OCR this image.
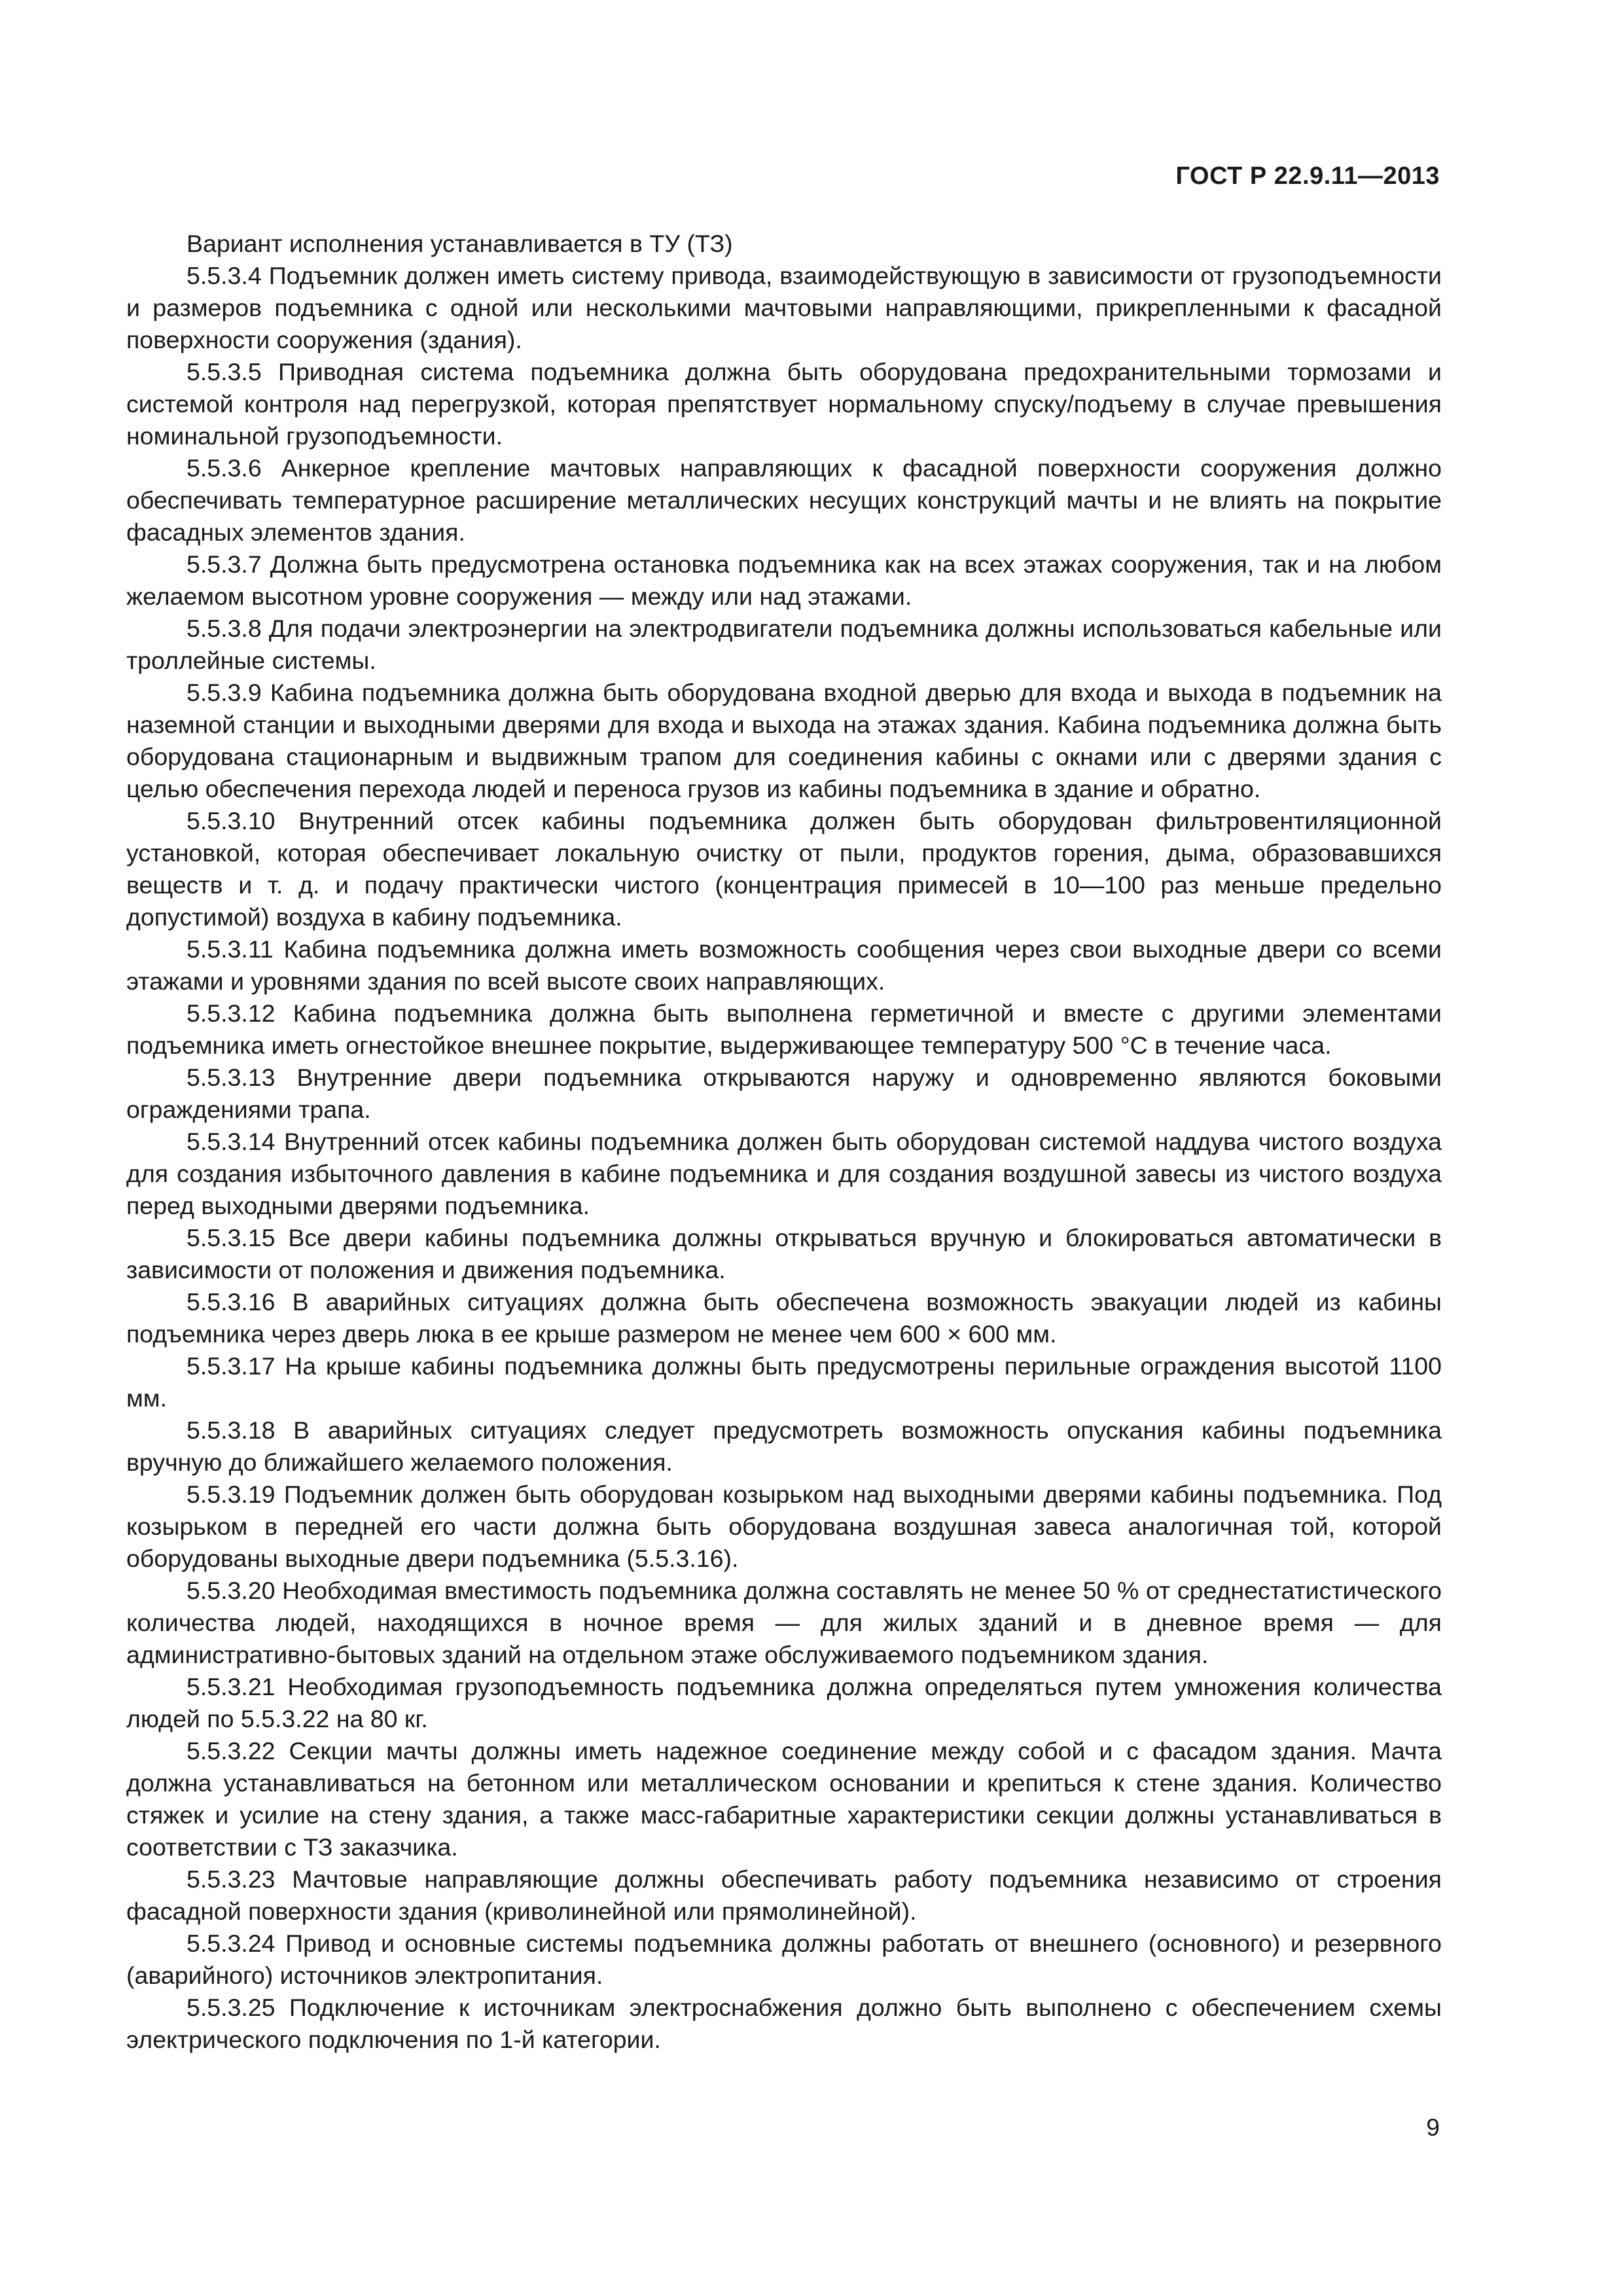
ГОСТ Р 22.9.11—2013

Вариант исполнения устанавливается в ТУ (ТЗ)

5.5.3.4 Подъемник должен иметь систему привода, взаимодействующую в зависимости от грузоподъемности и размеров подъемника с одной или несколькими мачтовыми направляющими, прикрепленными к фасадной поверхности сооружения (здания).

5.5.3.5 Приводная система подъемника должна быть оборудована предохранительными тормозами и системой контроля над перегрузкой, которая препятствует нормальному спуску/подъему в случае превышения номинальной грузоподъемности.

5.5.3.6 Анкерное крепление мачтовых направляющих к фасадной поверхности сооружения должно обеспечивать температурное расширение металлических несущих конструкций мачты и не влиять на покрытие фасадных элементов здания.

5.5.3.7 Должна быть предусмотрена остановка подъемника как на всех этажах сооружения, так и на любом желаемом высотном уровне сооружения — между или над этажами.

5.5.3.8 Для подачи электроэнергии на электродвигатели подъемника должны использоваться кабельные или троллейные системы.

5.5.3.9 Кабина подъемника должна быть оборудована входной дверью для входа и выхода в подъемник на наземной станции и выходными дверями для входа и выхода на этажах здания. Кабина подъемника должна быть оборудована стационарным и выдвижным трапом для соединения кабины с окнами или с дверями здания с целью обеспечения перехода людей и переноса грузов из кабины подъемника в здание и обратно.

5.5.3.10 Внутренний отсек кабины подъемника должен быть оборудован фильтровентиляционной установкой, которая обеспечивает локальную очистку от пыли, продуктов горения, дыма, образовавшихся веществ и т. д. и подачу практически чистого (концентрация примесей в 10—100 раз меньше предельно допустимой) воздуха в кабину подъемника.

5.5.3.11 Кабина подъемника должна иметь возможность сообщения через свои выходные двери со всеми этажами и уровнями здания по всей высоте своих направляющих.

5.5.3.12 Кабина подъемника должна быть выполнена герметичной и вместе с другими элементами подъемника иметь огнестойкое внешнее покрытие, выдерживающее температуру 500 °С в течение часа.

5.5.3.13 Внутренние двери подъемника открываются наружу и одновременно являются боковыми ограждениями трапа.

5.5.3.14 Внутренний отсек кабины подъемника должен быть оборудован системой наддува чистого воздуха для создания избыточного давления в кабине подъемника и для создания воздушной завесы из чистого воздуха перед выходными дверями подъемника.

5.5.3.15 Все двери кабины подъемника должны открываться вручную и блокироваться автоматически в зависимости от положения и движения подъемника.

5.5.3.16 В аварийных ситуациях должна быть обеспечена возможность эвакуации людей из кабины подъемника через дверь люка в ее крыше размером не менее чем 600 × 600 мм.

5.5.3.17 На крыше кабины подъемника должны быть предусмотрены перильные ограждения высотой 1100 мм.

5.5.3.18 В аварийных ситуациях следует предусмотреть возможность опускания кабины подъемника вручную до ближайшего желаемого положения.

5.5.3.19 Подъемник должен быть оборудован козырьком над выходными дверями кабины подъемника. Под козырьком в передней его части должна быть оборудована воздушная завеса аналогичная той, которой оборудованы выходные двери подъемника (5.5.3.16).

5.5.3.20 Необходимая вместимость подъемника должна составлять не менее 50 % от среднестатистического количества людей, находящихся в ночное время — для жилых зданий и в дневное время — для административно-бытовых зданий на отдельном этаже обслуживаемого подъемником здания.

5.5.3.21 Необходимая грузоподъемность подъемника должна определяться путем умножения количества людей по 5.5.3.22 на 80 кг.

5.5.3.22 Секции мачты должны иметь надежное соединение между собой и с фасадом здания. Мачта должна устанавливаться на бетонном или металлическом основании и крепиться к стене здания. Количество стяжек и усилие на стену здания, а также масс-габаритные характеристики секции должны устанавливаться в соответствии с ТЗ заказчика.

5.5.3.23 Мачтовые направляющие должны обеспечивать работу подъемника независимо от строения фасадной поверхности здания (криволинейной или прямолинейной).

5.5.3.24 Привод и основные системы подъемника должны работать от внешнего (основного) и резервного (аварийного) источников электропитания.

5.5.3.25 Подключение к источникам электроснабжения должно быть выполнено с обеспечением схемы электрического подключения по 1-й категории.

9
